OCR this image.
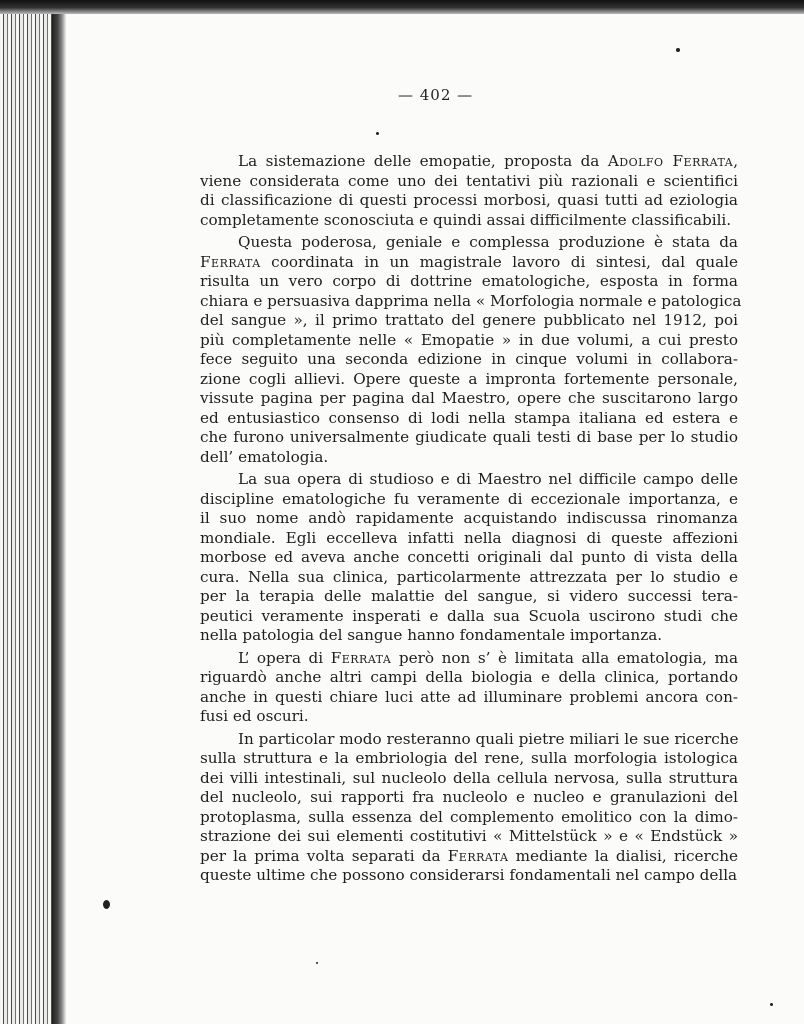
— 402 —
La sistemazione delle emopatie, proposta da Adolfo Ferrata,
viene considerata come uno dei tentativi più razionali e scientifici
di classificazione di questi processi morbosi, quasi tutti ad eziologia
completamente sconosciuta e quindi assai difficilmente classificabili.
Questa poderosa, geniale e complessa produzione è stata da
Ferrata coordinata in un magistrale lavoro di sintesi, dal quale
risulta un vero corpo di dottrine ematologiche, esposta in forma
chiara e persuasiva dapprima nella « Morfologia normale e patologica
del sangue », il primo trattato del genere pubblicato nel 1912, poi
più completamente nelle « Emopatie » in due volumi, a cui presto
fece seguito una seconda edizione in cinque volumi in collabora-
zione cogli allievi. Opere queste a impronta fortemente personale,
vissute pagina per pagina dal Maestro, opere che suscitarono largo
ed entusiastico consenso di lodi nella stampa italiana ed estera e
che furono universalmente giudicate quali testi di base per lo studio
dell’ ematologia.
La sua opera di studioso e di Maestro nel difficile campo delle
discipline ematologiche fu veramente di eccezionale importanza, e
il suo nome andò rapidamente acquistando indiscussa rinomanza
mondiale. Egli eccelleva infatti nella diagnosi di queste affezioni
morbose ed aveva anche concetti originali dal punto di vista della
cura. Nella sua clinica, particolarmente attrezzata per lo studio e
per la terapia delle malattie del sangue, si videro successi tera-
peutici veramente insperati e dalla sua Scuola uscirono studi che
nella patologia del sangue hanno fondamentale importanza.
L’ opera di Ferrata però non s’ è limitata alla ematologia, ma
riguardò anche altri campi della biologia e della clinica, portando
anche in questi chiare luci atte ad illuminare problemi ancora con-
fusi ed oscuri.
In particolar modo resteranno quali pietre miliari le sue ricerche
sulla struttura e la embriologia del rene, sulla morfologia istologica
dei villi intestinali, sul nucleolo della cellula nervosa, sulla struttura
del nucleolo, sui rapporti fra nucleolo e nucleo e granulazioni del
protoplasma, sulla essenza del complemento emolitico con la dimo-
strazione dei sui elementi costitutivi « Mittelstück » e « Endstück »
per la prima volta separati da Ferrata mediante la dialisi, ricerche
queste ultime che possono considerarsi fondamentali nel campo della
